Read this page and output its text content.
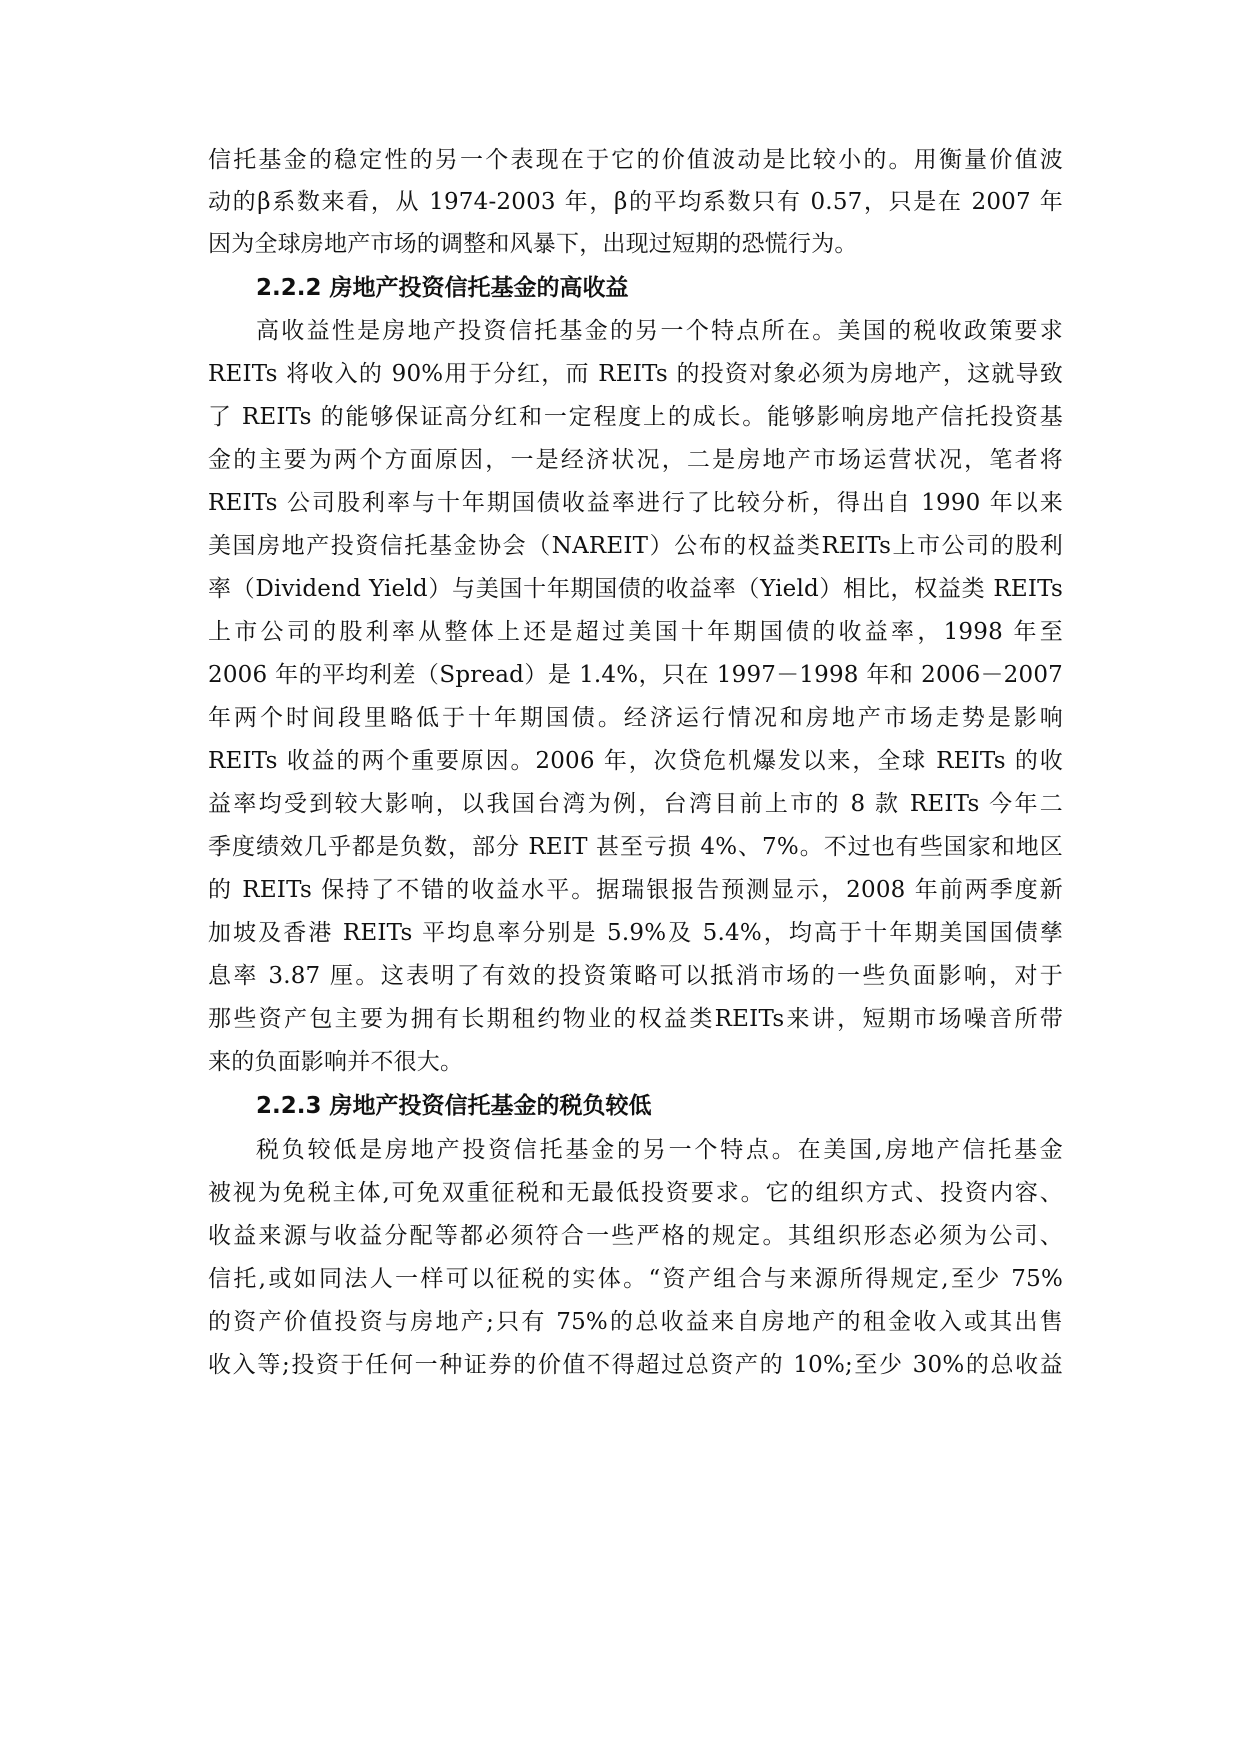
信托基金的稳定性的另一个表现在于它的价值波动是比较小的。用衡量价值波
动的β系数来看，从 1974-2003 年，β的平均系数只有 0.57，只是在 2007 年
因为全球房地产市场的调整和风暴下，出现过短期的恐慌行为。
2.2.2 房地产投资信托基金的高收益
高收益性是房地产投资信托基金的另一个特点所在。美国的税收政策要求
REITs 将收入的 90%用于分红，而 REITs 的投资对象必须为房地产，这就导致
了 REITs 的能够保证高分红和一定程度上的成长。能够影响房地产信托投资基
金的主要为两个方面原因，一是经济状况，二是房地产市场运营状况，笔者将
REITs 公司股利率与十年期国债收益率进行了比较分析，得出自 1990 年以来
美国房地产投资信托基金协会（NAREIT）公布的权益类REITs上市公司的股利
率（Dividend Yield）与美国十年期国债的收益率（Yield）相比，权益类 REITs
上市公司的股利率从整体上还是超过美国十年期国债的收益率，1998 年至
2006 年的平均利差（Spread）是 1.4%，只在 1997－1998 年和 2006－2007
年两个时间段里略低于十年期国债。经济运行情况和房地产市场走势是影响
REITs 收益的两个重要原因。2006 年，次贷危机爆发以来，全球 REITs 的收
益率均受到较大影响，以我国台湾为例，台湾目前上市的 8 款 REITs 今年二
季度绩效几乎都是负数，部分 REIT 甚至亏损 4%、7%。不过也有些国家和地区
的 REITs 保持了不错的收益水平。据瑞银报告预测显示，2008 年前两季度新
加坡及香港 REITs 平均息率分别是 5.9%及 5.4%，均高于十年期美国国债孳
息率 3.87 厘。这表明了有效的投资策略可以抵消市场的一些负面影响，对于
那些资产包主要为拥有长期租约物业的权益类REITs来讲，短期市场噪音所带
来的负面影响并不很大。
2.2.3 房地产投资信托基金的税负较低
税负较低是房地产投资信托基金的另一个特点。在美国,房地产信托基金
被视为免税主体,可免双重征税和无最低投资要求。它的组织方式、投资内容、
收益来源与收益分配等都必须符合一些严格的规定。其组织形态必须为公司、
信托,或如同法人一样可以征税的实体。“资产组合与来源所得规定,至少 75%
的资产价值投资与房地产;只有 75%的总收益来自房地产的租金收入或其出售
收入等;投资于任何一种证券的价值不得超过总资产的 10%;至少 30%的总收益
